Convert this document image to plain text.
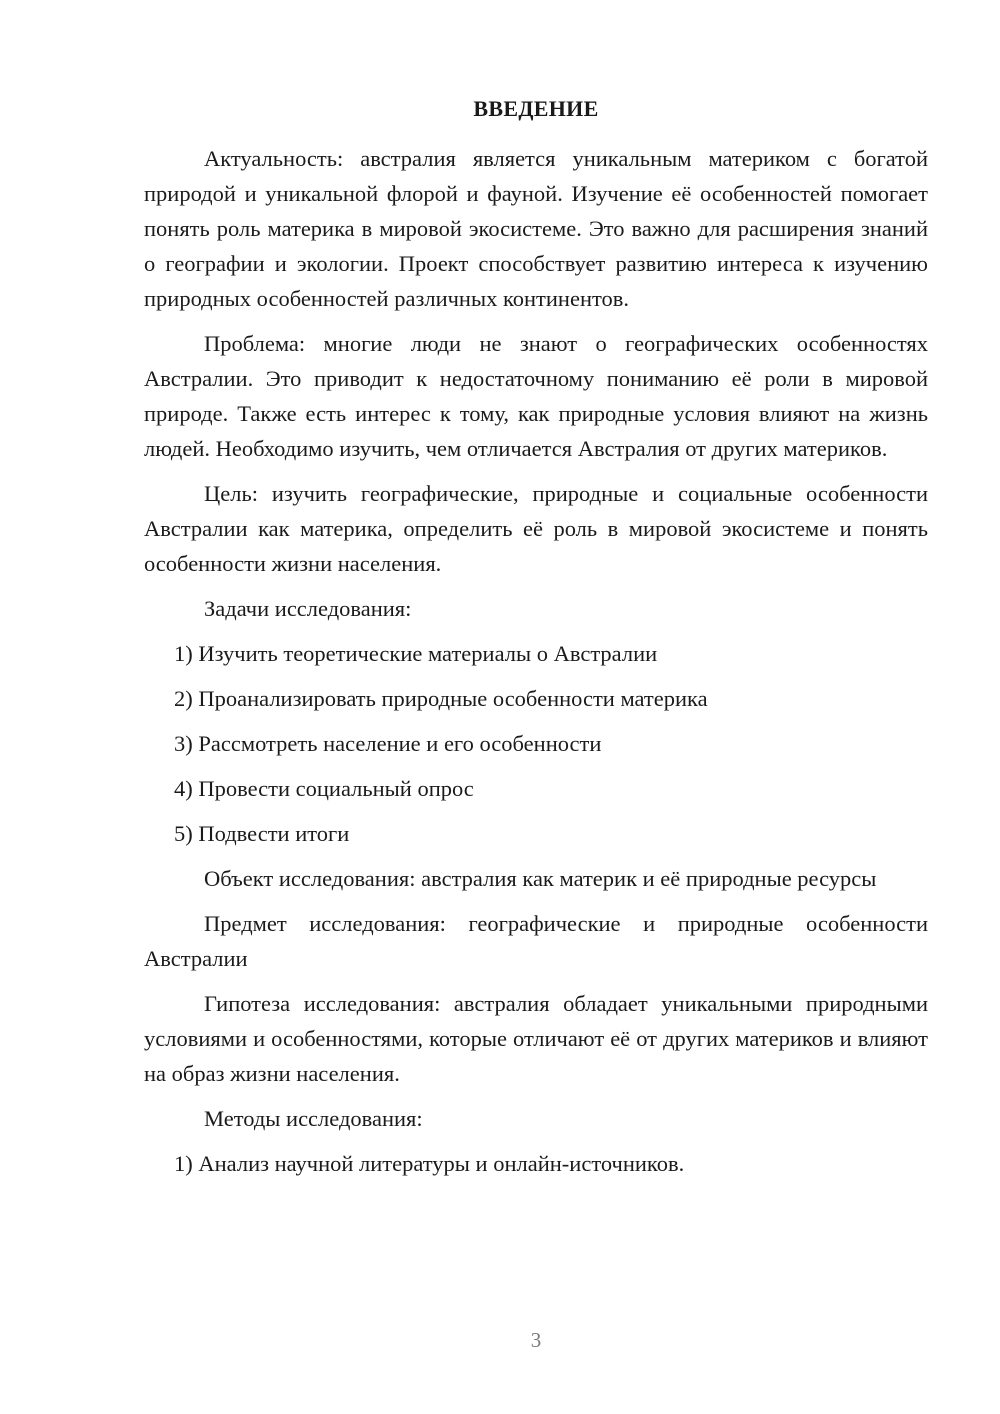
ВВЕДЕНИЕ

Актуальность: австралия является уникальным материком с богатой природой и уникальной флорой и фауной. Изучение её особенностей помогает понять роль материка в мировой экосистеме. Это важно для расширения знаний о географии и экологии. Проект способствует развитию интереса к изучению природных особенностей различных континентов.

Проблема: многие люди не знают о географических особенностях Австралии. Это приводит к недостаточному пониманию её роли в мировой природе. Также есть интерес к тому, как природные условия влияют на жизнь людей. Необходимо изучить, чем отличается Австралия от других материков.

Цель: изучить географические, природные и социальные особенности Австралии как материка, определить её роль в мировой экосистеме и понять особенности жизни населения.

Задачи исследования:

1) Изучить теоретические материалы о Австралии

2) Проанализировать природные особенности материка

3) Рассмотреть население и его особенности

4) Провести социальный опрос

5) Подвести итоги

Объект исследования: австралия как материк и её природные ресурсы

Предмет исследования: географические и природные особенности Австралии

Гипотеза исследования: австралия обладает уникальными природными условиями и особенностями, которые отличают её от других материков и влияют на образ жизни населения.

Методы исследования:

1) Анализ научной литературы и онлайн-источников.

3
